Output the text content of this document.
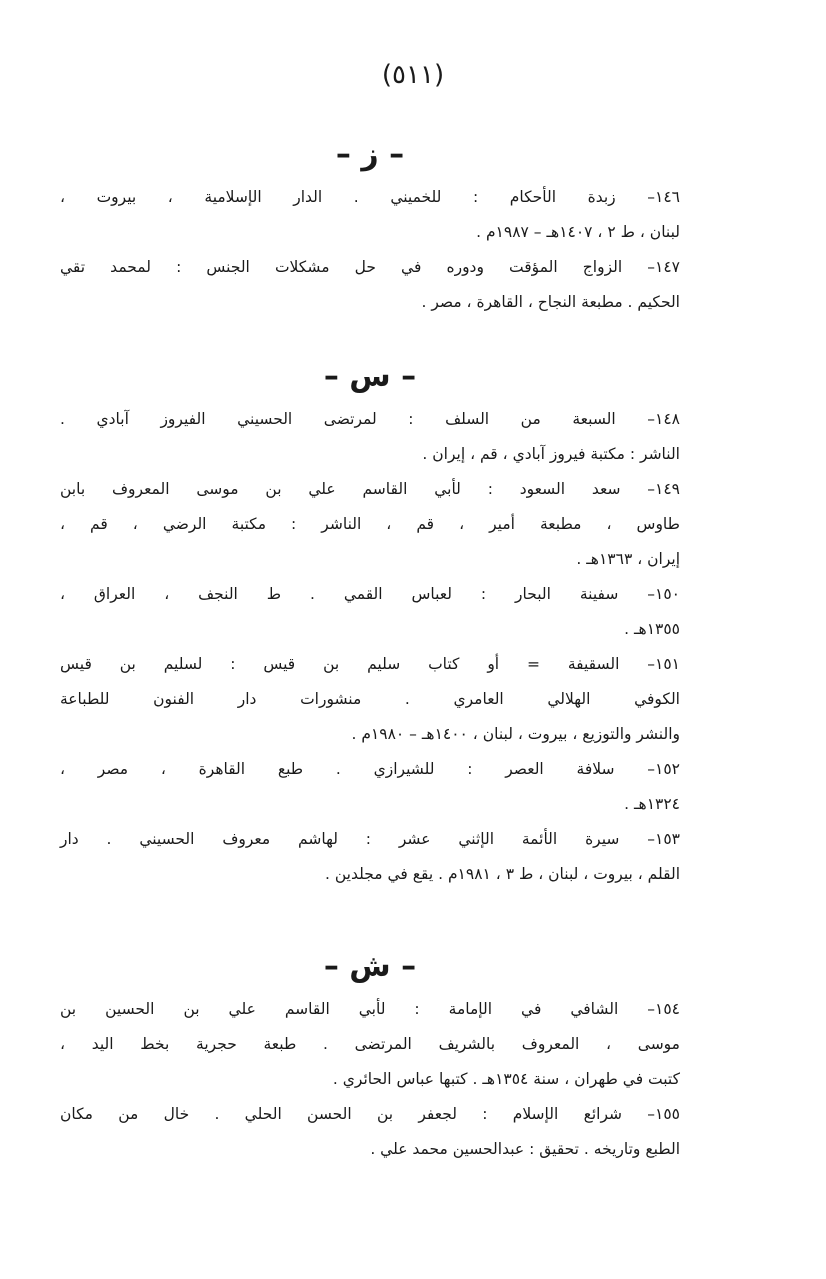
(٥١١)
– ز –
١٤٦– زبدة الأحكام : للخميني . الدار الإسلامية ، بيروت ،
لبنان ، ط ٢ ، ١٤٠٧هـ – ١٩٨٧م .
١٤٧– الزواج المؤقت ودوره في حل مشكلات الجنس : لمحمد تقي
الحكيم . مطبعة النجاح ، القاهرة ، مصر .
– س –
١٤٨– السبعة من السلف : لمرتضى الحسيني الفيروز آبادي .
الناشر : مكتبة فيروز آبادي ، قم ، إيران .
١٤٩– سعد السعود : لأبي القاسم علي بن موسى المعروف بابن
طاوس ، مطبعة أمير ، قم ، الناشر : مكتبة الرضي ، قم ،
إيران ، ١٣٦٣هـ .
١٥٠– سفينة البحار : لعباس القمي . ط النجف ، العراق ،
١٣٥٥هـ .
١٥١– السقيفة = أو كتاب سليم بن قيس : لسليم بن قيس
الكوفي الهلالي العامري . منشورات دار الفنون للطباعة
والنشر والتوزيع ، بيروت ، لبنان ، ١٤٠٠هـ – ١٩٨٠م .
١٥٢– سلافة العصر : للشيرازي . طبع القاهرة ، مصر ،
١٣٢٤هـ .
١٥٣– سيرة الأئمة الإثني عشر : لهاشم معروف الحسيني . دار
القلم ، بيروت ، لبنان ، ط ٣ ، ١٩٨١م . يقع في مجلدين .
– ش –
١٥٤– الشافي في الإمامة : لأبي القاسم علي بن الحسين بن
موسى ، المعروف بالشريف المرتضى . طبعة حجرية بخط اليد ،
كتبت في طهران ، سنة ١٣٥٤هـ . كتبها عباس الحائري .
١٥٥– شرائع الإسلام : لجعفر بن الحسن الحلي . خال من مكان
الطبع وتاريخه . تحقيق : عبدالحسين محمد علي .
